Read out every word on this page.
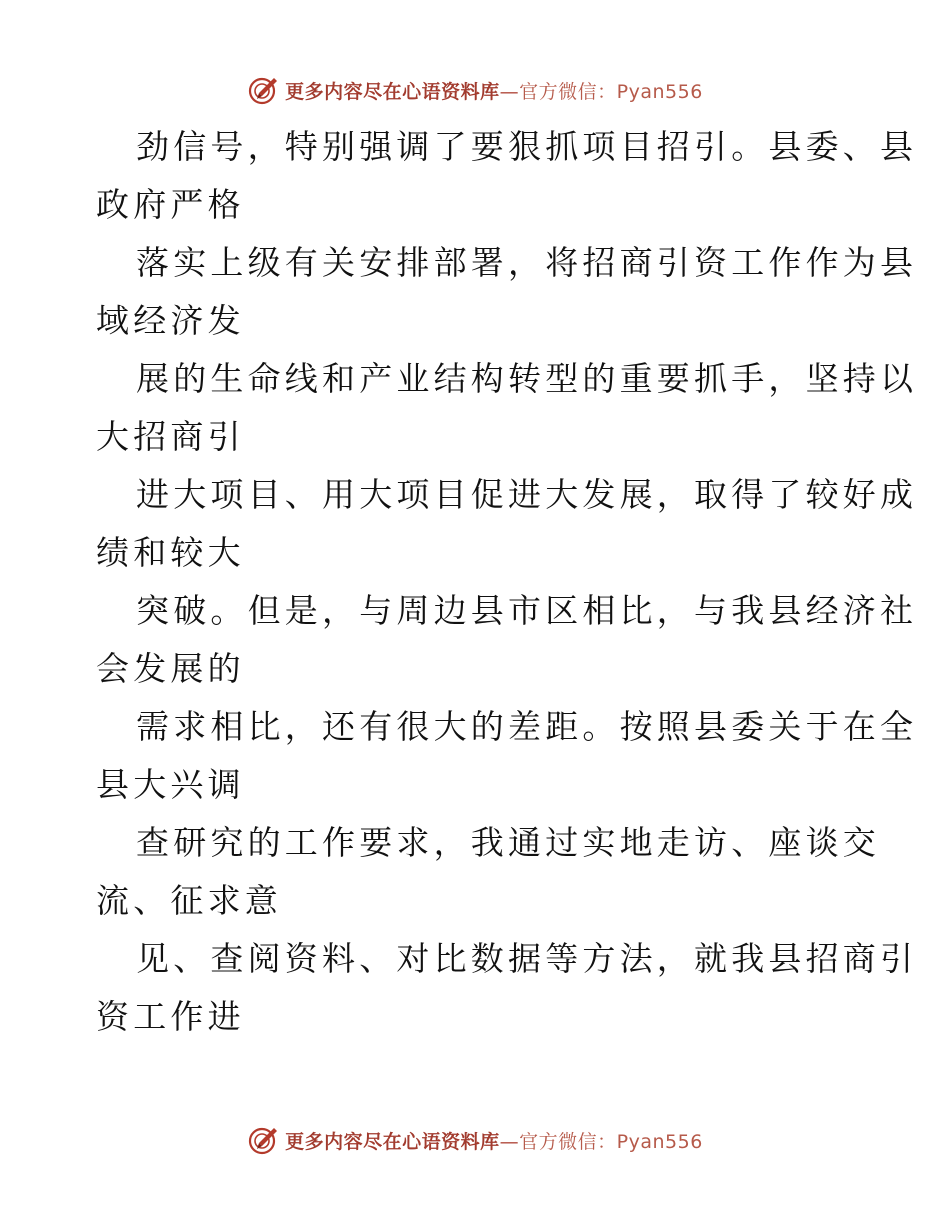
更多内容尽在心语资料库—官方微信：Pyan556

劲信号，特别强调了要狠抓项目招引。县委、县
政府严格

落实上级有关安排部署，将招商引资工作作为县
域经济发

展的生命线和产业结构转型的重要抓手，坚持以
大招商引

进大项目、用大项目促进大发展，取得了较好成
绩和较大

突破。但是，与周边县市区相比，与我县经济社
会发展的

需求相比，还有很大的差距。按照县委关于在全
县大兴调

查研究的工作要求，我通过实地走访、座谈交
流、征求意

见、查阅资料、对比数据等方法，就我县招商引
资工作进

更多内容尽在心语资料库—官方微信：Pyan556
